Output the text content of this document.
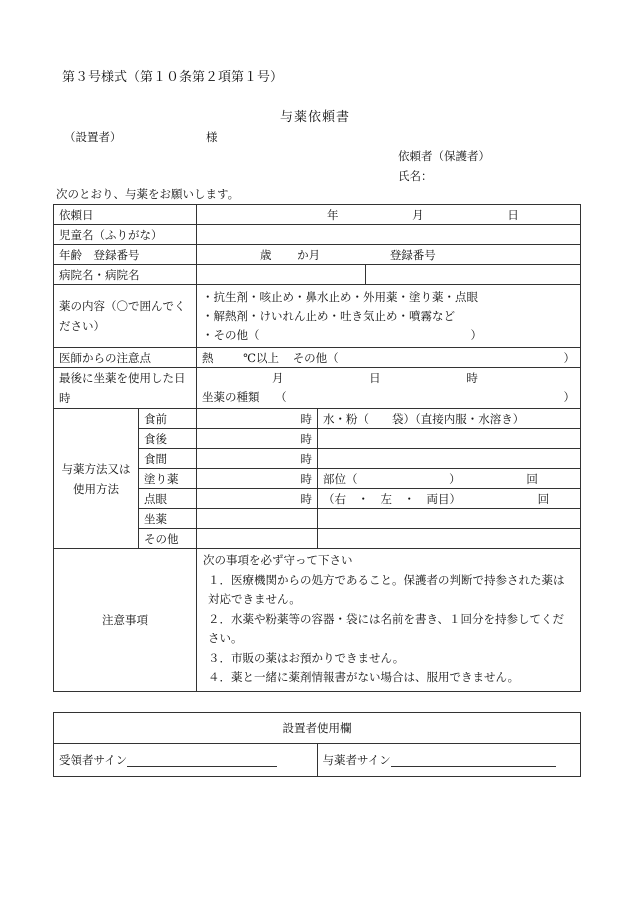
第３号様式（第１０条第２項第１号）
与薬依頼書
（設置者）	様
依頼者（保護者）
氏名：
次のとおり、与薬をお願いします。
依頼日		年 月 日		
児童名（ふりがな）				
年齢　登録番号		歳 か月 登録番号		
病院名・病院名				
薬の内容（〇で囲んでください）		・抗生剤・咳止め・鼻水止め・外用薬・塗り薬・点眼
・解熱剤・けいれん止め・吐き気止め・噴霧など
・その他（ ）		

医師からの注意点		熱 ℃以上 その他（ ）		

最後に坐薬を使用した日時		月 日 時
坐薬の種類 （ ）		

与薬方法又は使用方法	食前	時	水・粉（　　袋）（直接内服・水溶き）	
	食後	時		
	食間	時		
	塗り薬	時	部位（ ） 回	
	点眼	時	（右　・　左　・　両目） 回	
	坐薬			
	その他			
注意事項		次の事項を必ず守って下さい
１．医療機関からの処方であること。保護者の判断で持参された薬は対応できません。
２．水薬や粉薬等の容器・袋には名前を書き、１回分を持参してください。
３．市販の薬はお預かりできません。
４．薬と一緒に薬剤情報書がない場合は、服用できません。		
設置者使用欄
受領者サイン	与薬者サイン
